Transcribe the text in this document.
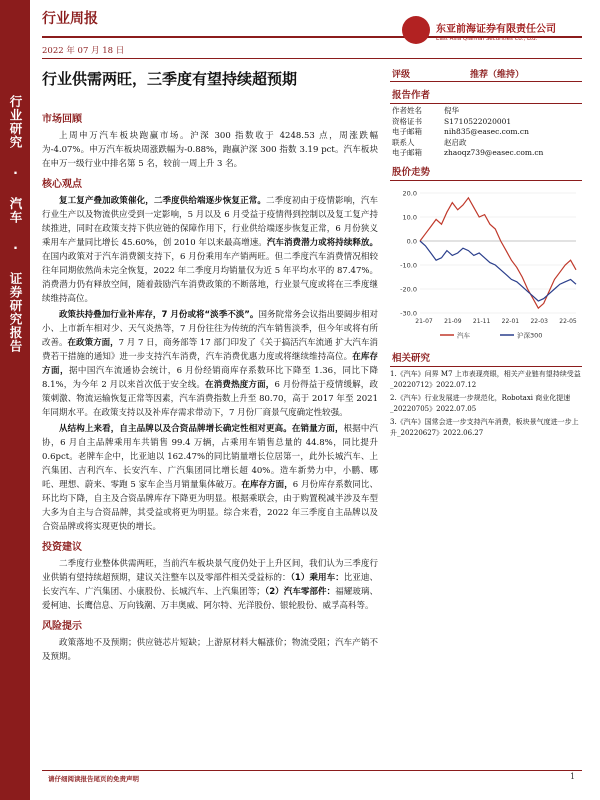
行业研究 · 汽车 · 证券研究报告
行业周报
2022 年 07 月 18 日
东亚前海证券有限责任公司
East Asia Qianhai Securities Co., Ltd.
行业供需两旺，三季度有望持续超预期
市场回顾
上周申万汽车板块跑赢市场。沪深 300 指数收于 4248.53 点，周涨跌幅为-4.07%。申万汽车板块周涨跌幅为-0.88%，跑赢沪深 300 指数 3.19 pct。汽车板块在申万一级行业中排名第 5 名，较前一周上升 3 名。
核心观点
复工复产叠加政策催化，二季度供给端逐步恢复正常。二季度初由于疫情影响，汽车行业生产以及物流供应受到一定影响，5 月以及 6 月受益于疫情得到控制以及复工复产持续推进，同时在政策支持下供应链的保障作用下，行业供给端逐步恢复正常，6 月份狭义乘用车产量同比增长 45.60%，创 2010 年以来最高增速。汽车消费潜力或将持续释放。在国内政策对于汽车消费额支持下，6 月份乘用车产销两旺。但二季度汽车消费情况相较往年同期依然尚未完全恢复，2022 年二季度月均销量仅为近 5 年平均水平的 87.47%。消费潜力仍有释放空间，随着鼓励汽车消费政策的不断落地，行业景气度或将在三季度继续维持高位。
政策扶持叠加行业补库存，7 月份或将“淡季不淡”。国务院常务会议指出要阔步相对小、上市新车相对少、天气炎热等，7 月份往往为传统的汽车销售淡季，但今年或将有所改善。在政策方面，7 月 7 日，商务部等 17 部门印发了《关于搞活汽车流通 扩大汽车消费若干措施的通知》进一步支持汽车消费，汽车消费优惠力度或将继续维持高位。在库存方面，据中国汽车流通协会统计，6 月份经销商库存系数环比下降至 1.36，同比下降 8.1%，为今年 2 月以来首次低于安全线。在消费热度方面，6 月份得益于疫情缓解，政策刺激、物流运输恢复正常等因素，汽车消费指数上升至 80.70，高于 2017 年至 2021 年同期水平。在政策支持以及补库存需求带动下，7 月份厂商景气度确定性较强。
从结构上来看，自主品牌以及合资品牌增长确定性相对更高。在销量方面，根据中汽协，6 月自主品牌乘用车共销售 99.4 万辆，占乘用车销售总量的 44.8%，同比提升 0.6pct。老牌车企中，比亚迪以 162.47%的同比销量增长位居第一，此外长城汽车、上汽集团、吉利汽车、长安汽车、广汽集团同比增长超 40%。造车新势力中，小鹏、哪吒、理想、蔚来、零跑 5 家车企当月销量集体破万。在库存方面，6 月份库存系数同比、环比均下降，自主及合资品牌库存下降更为明显。根据乘联会，由于购置税减半涉及车型大多为自主与合资品牌，其受益或将更为明显。综合来看，2022 年三季度自主品牌以及合资品牌或将实现更快的增长。
投资建议
二季度行业整体供需两旺，当前汽车板块景气度仍处于上升区间，我们认为三季度行业供销有望持续超预期，建议关注整车以及零部件相关受益标的：（1）乘用车：比亚迪、长安汽车、广汽集团、小康股份、长城汽车、上汽集团等；（2）汽车零部件：福耀玻璃、爱柯迪、长鹰信息、万向钱潮、万丰奥威、阿尔特、光洋股份、银轮股份、威孚高科等。
风险提示
政策落地不及预期；供应链芯片短缺；上游原材料大幅涨价；物流受阻；汽车产销不及预期。
评级	推荐（维持）
报告作者
作者姓名	倪华
资格证书	S1710522020001
电子邮箱	nih835@easec.com.cn
联系人	赵启政
电子邮箱	zhaoqz739@easec.com.cn
股价走势
20.0
10.0
0.0
-10.0
-20.0
-30.0
21-07 21-09 21-11 22-01 22-03 22-05
汽车	沪深300
相关研究
1.《汽车》问界 M7 上市表现亮眼，相关产业链有望持续受益_20220712》2022.07.12
2.《汽车》行业发展进一步规范化，Robotaxi 商业化提速_20220705》2022.07.05
3.《汽车》国常会进一步支持汽车消费，板块景气度进一步上升_20220627》2022.06.27
请仔细阅读报告尾页的免责声明	1
